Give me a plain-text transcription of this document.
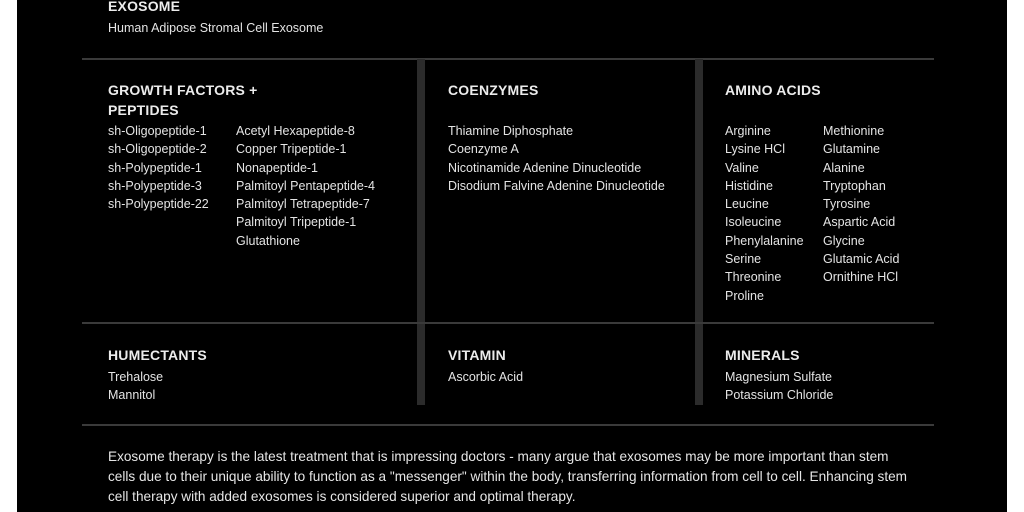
EXOSOME
Human Adipose Stromal Cell Exosome
GROWTH FACTORS +
PEPTIDES
sh-Oligopeptide-1
sh-Oligopeptide-2
sh-Polypeptide-1
sh-Polypeptide-3
sh-Polypeptide-22
Acetyl Hexapeptide-8
Copper Tripeptide-1
Nonapeptide-1
Palmitoyl Pentapeptide-4
Palmitoyl Tetrapeptide-7
Palmitoyl Tripeptide-1
Glutathione
COENZYMES
Thiamine Diphosphate
Coenzyme A
Nicotinamide Adenine Dinucleotide
Disodium Falvine Adenine Dinucleotide
AMINO ACIDS
Arginine
Lysine HCl
Valine
Histidine
Leucine
Isoleucine
Phenylalanine
Serine
Threonine
Proline
Methionine
Glutamine
Alanine
Tryptophan
Tyrosine
Aspartic Acid
Glycine
Glutamic Acid
Ornithine HCl
HUMECTANTS
Trehalose
Mannitol
VITAMIN
Ascorbic Acid
MINERALS
Magnesium Sulfate
Potassium Chloride
Exosome therapy is the latest treatment that is impressing doctors - many argue that exosomes may be more important than stem cells due to their unique ability to function as a "messenger" within the body, transferring information from cell to cell. Enhancing stem cell therapy with added exosomes is considered superior and optimal therapy.
